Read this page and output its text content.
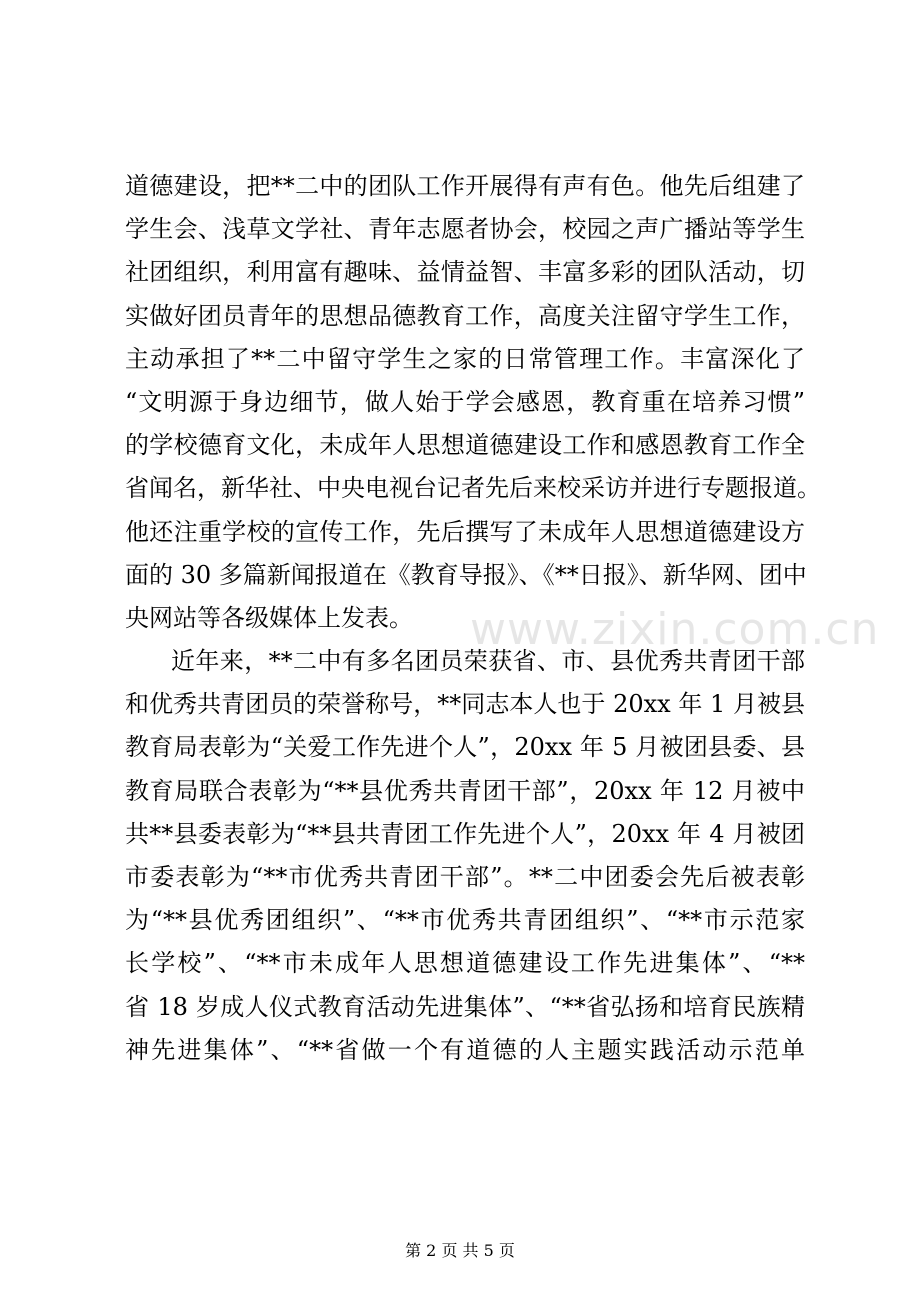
道德建设，把**二中的团队工作开展得有声有色。他先后组建了
学生会、浅草文学社、青年志愿者协会，校园之声广播站等学生
社团组织，利用富有趣味、益情益智、丰富多彩的团队活动，切
实做好团员青年的思想品德教育工作，高度关注留守学生工作，
主动承担了**二中留守学生之家的日常管理工作。丰富深化了
“文明源于身边细节，做人始于学会感恩，教育重在培养习惯”
的学校德育文化，未成年人思想道德建设工作和感恩教育工作全
省闻名，新华社、中央电视台记者先后来校采访并进行专题报道。
他还注重学校的宣传工作，先后撰写了未成年人思想道德建设方
面的 30 多篇新闻报道在《教育导报》、《**日报》、新华网、团中
央网站等各级媒体上发表。
近年来，**二中有多名团员荣获省、市、县优秀共青团干部
和优秀共青团员的荣誉称号，**同志本人也于 20xx 年 1 月被县
教育局表彰为“关爱工作先进个人”，20xx 年 5 月被团县委、县
教育局联合表彰为“**县优秀共青团干部”，20xx 年 12 月被中
共**县委表彰为“**县共青团工作先进个人”，20xx 年 4 月被团
市委表彰为“**市优秀共青团干部”。**二中团委会先后被表彰
为“**县优秀团组织”、“**市优秀共青团组织”、“**市示范家
长学校”、“**市未成年人思想道德建设工作先进集体”、“**
省 18 岁成人仪式教育活动先进集体”、“**省弘扬和培育民族精
神先进集体”、“**省做一个有道德的人主题实践活动示范单
www.zixin.com.cn
第 2 页 共 5 页
